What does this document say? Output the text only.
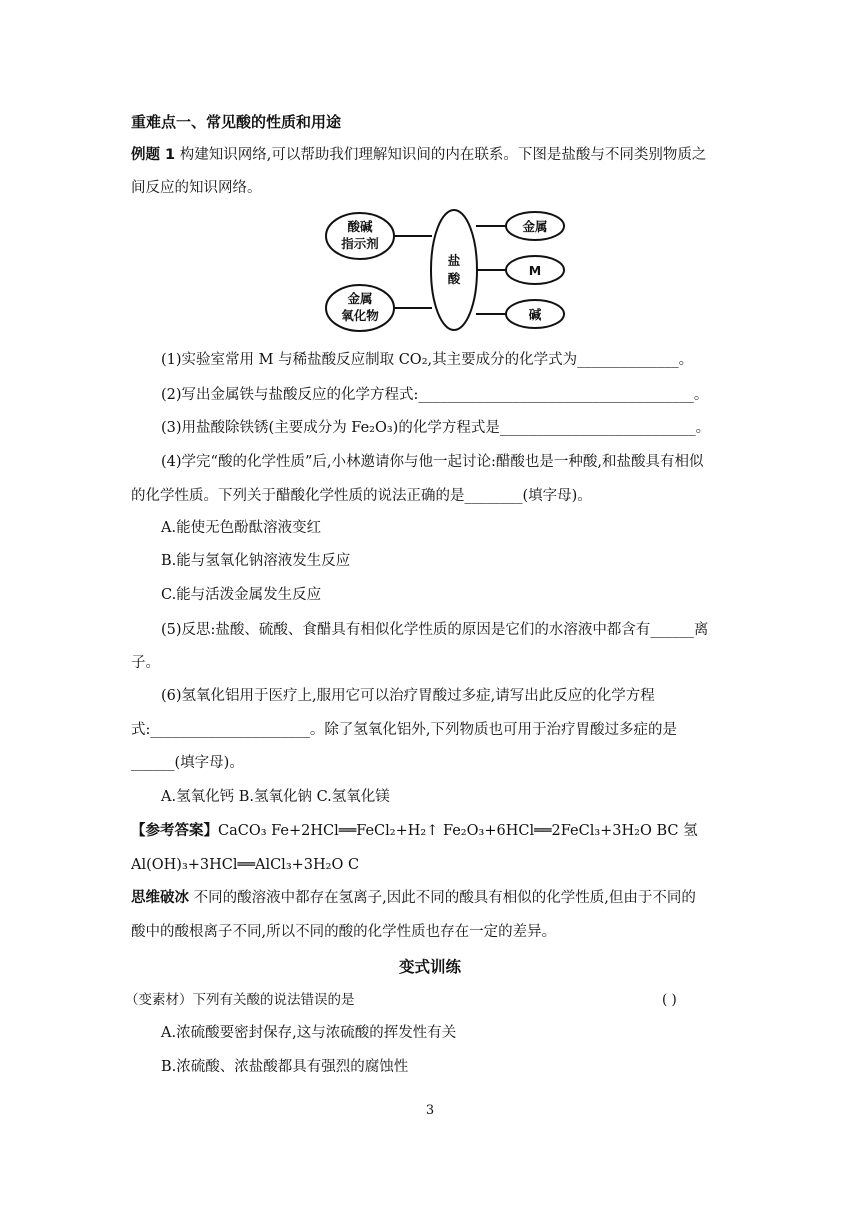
重难点一、常见酸的性质和用途
例题 1 构建知识网络,可以帮助我们理解知识间的内在联系。下图是盐酸与不同类别物质之
间反应的知识网络。
酸碱
指示剂
金属
氧化物
盐
酸
金属
M
碱
(1)实验室常用 M 与稀盐酸反应制取 CO₂,其主要成分的化学式为______________。
(2)写出金属铁与盐酸反应的化学方程式:______________________________________。
(3)用盐酸除铁锈(主要成分为 Fe₂O₃)的化学方程式是___________________________。
(4)学完“酸的化学性质”后,小林邀请你与他一起讨论:醋酸也是一种酸,和盐酸具有相似
的化学性质。下列关于醋酸化学性质的说法正确的是________(填字母)。
A.能使无色酚酞溶液变红
B.能与氢氧化钠溶液发生反应
C.能与活泼金属发生反应
(5)反思:盐酸、硫酸、食醋具有相似化学性质的原因是它们的水溶液中都含有______离
子。
(6)氢氧化铝用于医疗上,服用它可以治疗胃酸过多症,请写出此反应的化学方程
式:______________________。除了氢氧化铝外,下列物质也可用于治疗胃酸过多症的是
______(填字母)。
A.氢氧化钙 B.氢氧化钠 C.氢氧化镁
【参考答案】CaCO₃ Fe+2HCl══FeCl₂+H₂↑ Fe₂O₃+6HCl══2FeCl₃+3H₂O BC 氢
Al(OH)₃+3HCl══AlCl₃+3H₂O C
思维破冰 不同的酸溶液中都存在氢离子,因此不同的酸具有相似的化学性质,但由于不同的
酸中的酸根离子不同,所以不同的酸的化学性质也存在一定的差异。
变式训练
（变素材）下列有关酸的说法错误的是	( )
A.浓硫酸要密封保存,这与浓硫酸的挥发性有关
B.浓硫酸、浓盐酸都具有强烈的腐蚀性
3
